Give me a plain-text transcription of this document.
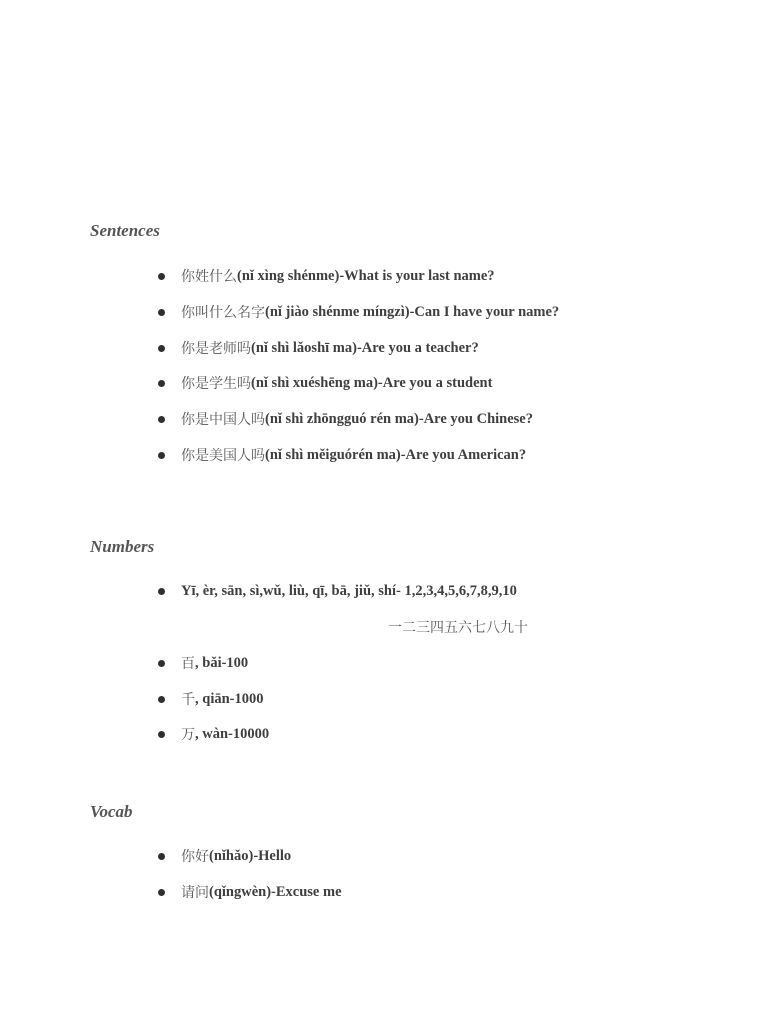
Sentences
你姓什么 (nǐ xìng shénme)-What is your last name?
你叫什么名字 (nǐ jiào shénme míngzì)-Can I have your name?
你是老师吗 (nǐ shì lǎoshī ma)-Are you a teacher?
你是学生吗 (nǐ shì xuéshēng ma)-Are you a student
你是中国人吗 (nǐ shì zhōngguó rén ma)-Are you Chinese?
你是美国人吗 (nǐ shì měiguórén ma)-Are you American?
Numbers
Yī, èr, sān, sì,wǔ, liù, qī, bā, jiǔ, shí- 1,2,3,4,5,6,7,8,9,10
一二三四五六七八九十
百 , bǎi-100
千 , qiān-1000
万 , wàn-10000
Vocab
你好 (nǐhǎo)-Hello
请问 (qǐngwèn)-Excuse me
